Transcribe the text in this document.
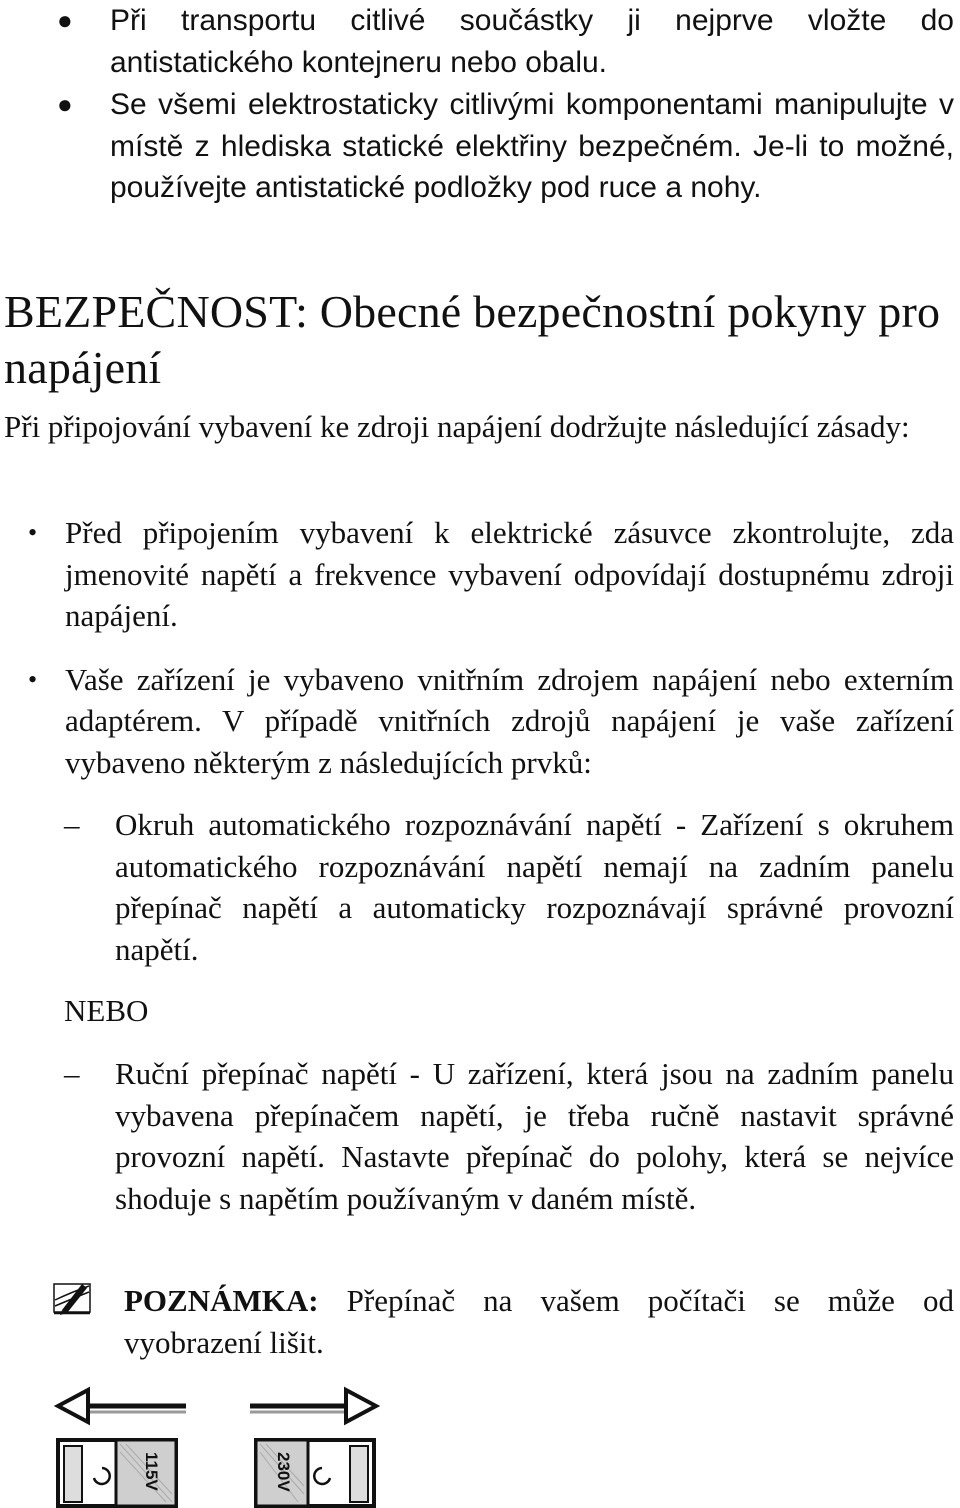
● Při transportu citlivé součástky ji nejprve vložte do antistatického kontejneru nebo obalu.
● Se všemi elektrostaticky citlivými komponentami manipulujte v místě z hlediska statické elektřiny bezpečném. Je-li to možné, používejte antistatické podložky pod ruce a nohy.
BEZPEČNOST: Obecné bezpečnostní pokyny pro napájení
Při připojování vybavení ke zdroji napájení dodržujte následující zásady:
• Před připojením vybavení k elektrické zásuvce zkontrolujte, zda jmenovité napětí a frekvence vybavení odpovídají dostupnému zdroji napájení.
• Vaše zařízení je vybaveno vnitřním zdrojem napájení nebo externím adaptérem. V případě vnitřních zdrojů napájení je vaše zařízení vybaveno některým z následujících prvků:
– Okruh automatického rozpoznávání napětí - Zařízení s okruhem automatického rozpoznávání napětí nemají na zadním panelu přepínač napětí a automaticky rozpoznávají správné provozní napětí.
NEBO
– Ruční přepínač napětí - U zařízení, která jsou na zadním panelu vybavena přepínačem napětí, je třeba ručně nastavit správné provozní napětí. Nastavte přepínač do polohy, která se nejvíce shoduje s napětím používaným v daném místě.
POZNÁMKA: Přepínač na vašem počítači se může od vyobrazení lišit.
115V	230V
